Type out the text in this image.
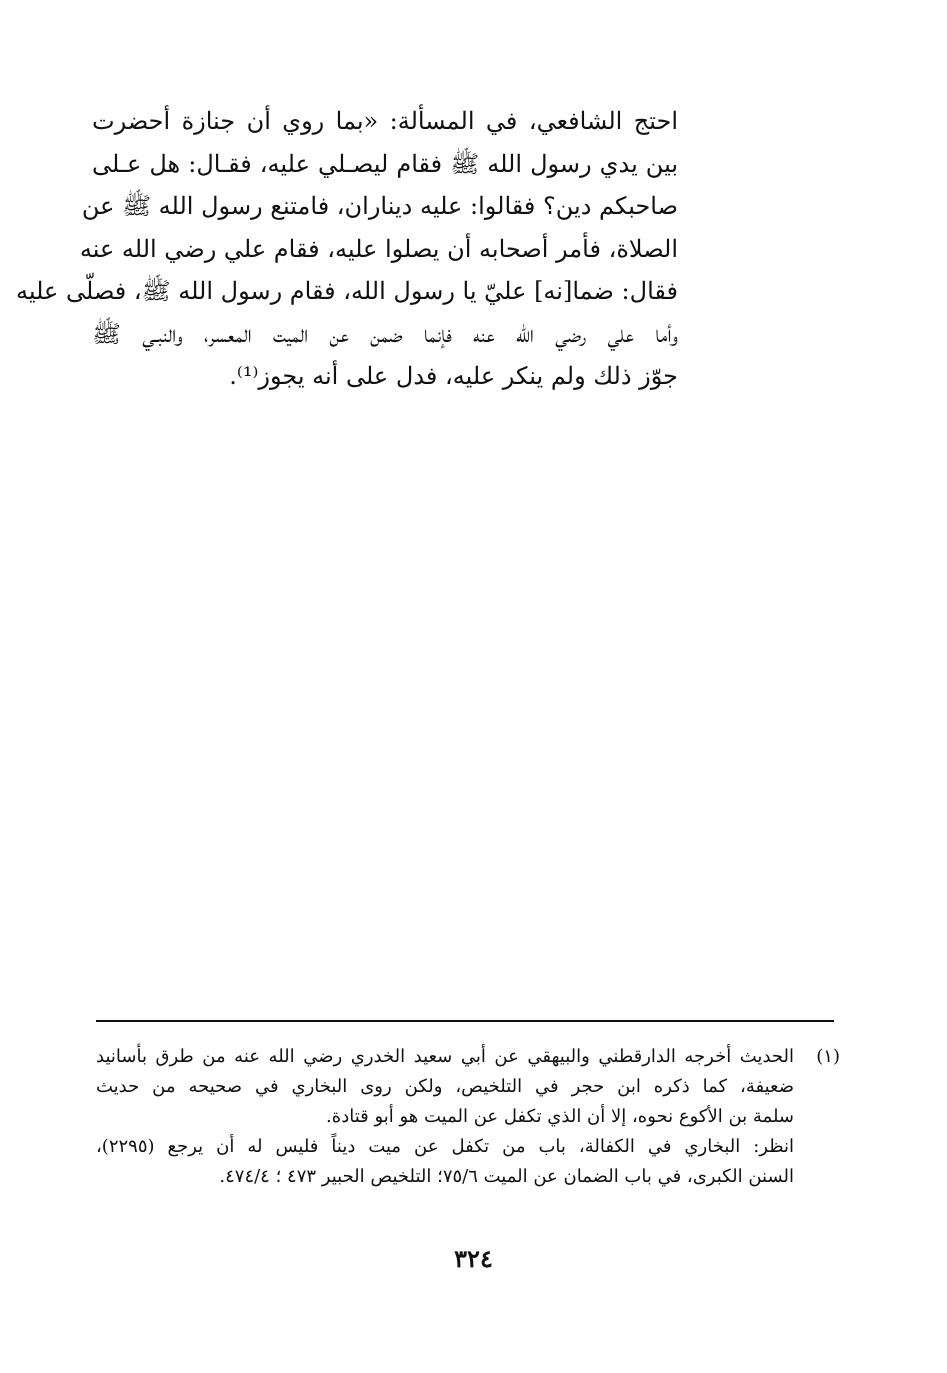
احتج الشافعي، في المسألة: «بما روي أن جنازة أحضرت
بين يدي رسول الله ﷺ فقام ليصـلي عليه، فقـال: هل عـلى
صاحبكم دين؟ فقالوا: عليه ديناران، فامتنع رسول الله ﷺ عن
الصلاة، فأمر أصحابه أن يصلوا عليه، فقام علي رضي الله عنه
فقال: ضما[نه] عليّ يا رسول الله، فقام رسول الله ﷺ، فصلّى عليه
وأما علي رضي الله عنه فإنما ضمن عن الميت المعسر، والنبـي ﷺ
جوّز ذلك ولم ينكر عليه، فدل على أنه يجوز⁽¹⁾.
(١)
الحديث أخرجه الدارقطني والبيهقي عن أبي سعيد الخدري رضي الله عنه من طرق بأسانيد
ضعيفة، كما ذكره ابن حجر في التلخيص، ولكن روى البخاري في صحيحه من حديث
سلمة بن الأكوع نحوه، إلا أن الذي تكفل عن الميت هو أبو قتادة.
انظر: البخاري في الكفالة، باب من تكفل عن ميت ديناً فليس له أن يرجع (٢٢٩٥)،
السنن الكبرى، في باب الضمان عن الميت ٧٥/٦؛ التلخيص الحبير ٤٧٣ ؛ ٤٧٤/٤.
٣٢٤
